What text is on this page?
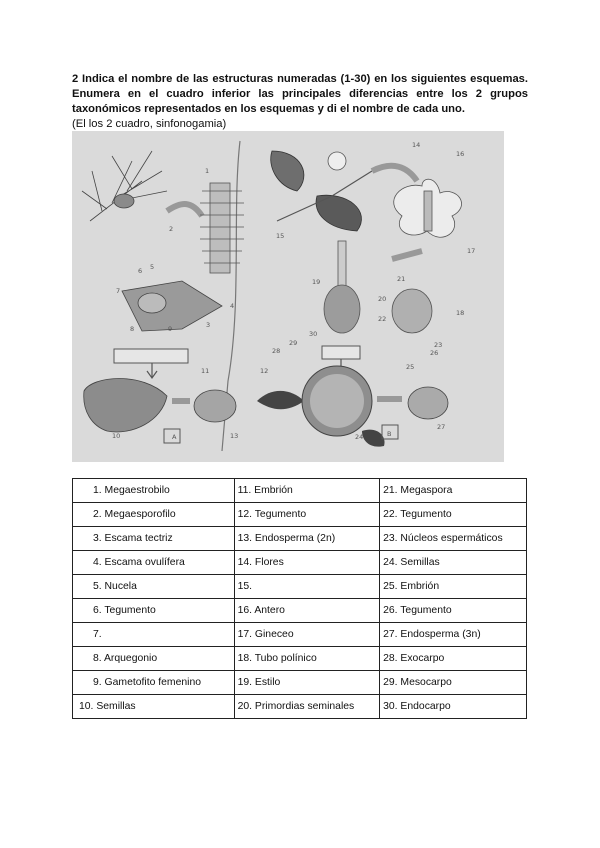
2 Indica el nombre de las estructuras numeradas (1-30) en los siguientes esquemas. Enumera en el cuadro inferior las principales diferencias entre los 2 grupos taxonómicos representados en los esquemas y di el nombre de cada uno.

(El los 2 cuadro, sinfonogamia)

A	B
1
2
3
4
5
6
7
8	9
10
11	12
13
14
15
16
17
18
19
20
21
22
23
24
25
26
27
28
29
30
1. Megaestrobilo	11. Embrión	21. Megaspora
2. Megaesporofilo	12. Tegumento	22. Tegumento
3. Escama tectriz	13. Endosperma (2n)	23. Núcleos espermáticos
4. Escama ovulífera	14. Flores	24. Semillas
5. Nucela	15.	25. Embrión
6. Tegumento	16. Antero	26. Tegumento
7.	17. Gineceo	27. Endosperma (3n)
8. Arquegonio	18. Tubo polínico	28. Exocarpo
9. Gametofito femenino	19. Estilo	29. Mesocarpo
10. Semillas	20. Primordias seminales	30. Endocarpo
